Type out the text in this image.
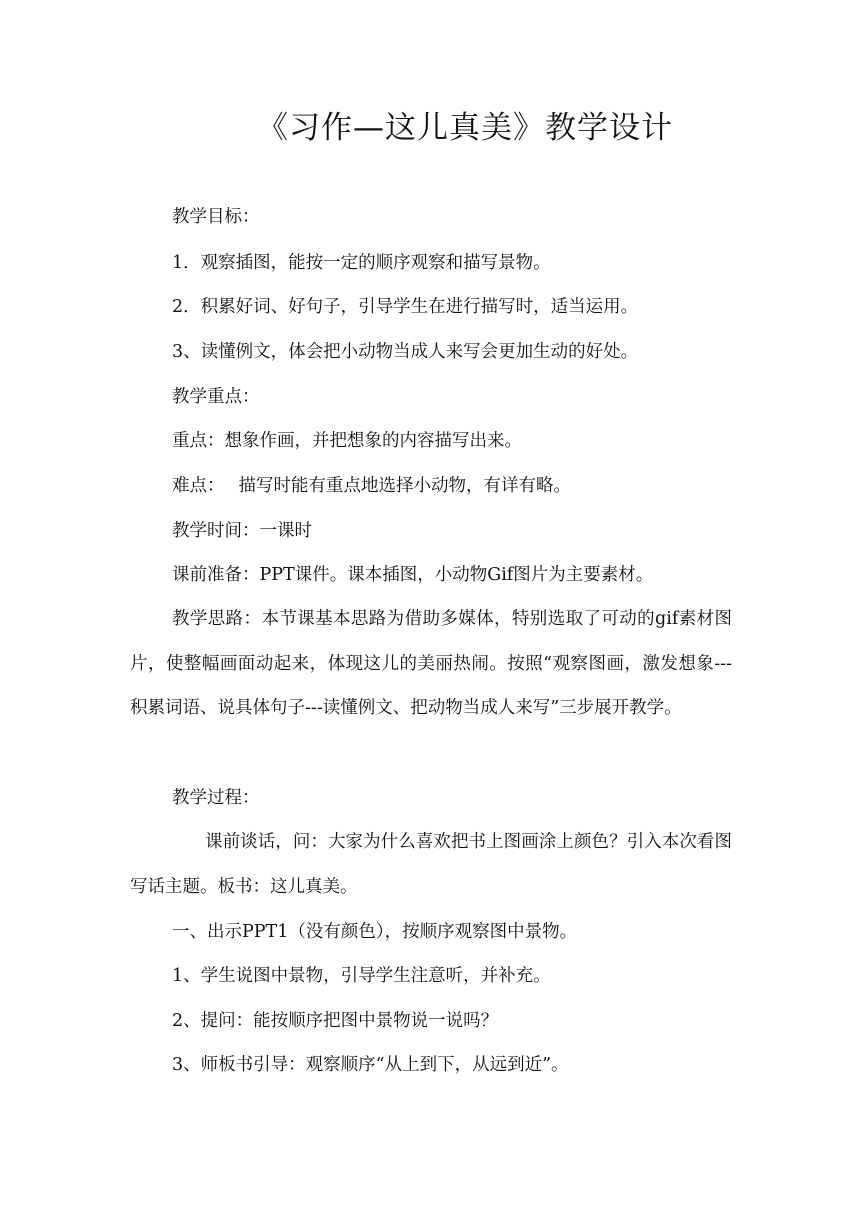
《习作—这儿真美》教学设计

教学目标：

1．观察插图，能按一定的顺序观察和描写景物。

2．积累好词、好句子，引导学生在进行描写时，适当运用。

3、读懂例文，体会把小动物当成人来写会更加生动的好处。

教学重点：

重点：想象作画，并把想象的内容描写出来。

难点： 描写时能有重点地选择小动物，有详有略。

教学时间：一课时

课前准备：PPT课件。课本插图，小动物Gif图片为主要素材。

教学思路：本节课基本思路为借助多媒体，特别选取了可动的gif素材图片，使整幅画面动起来，体现这儿的美丽热闹。按照“观察图画，激发想象---积累词语、说具体句子---读懂例文、把动物当成人来写”三步展开教学。

教学过程：

课前谈话，问：大家为什么喜欢把书上图画涂上颜色？引入本次看图写话主题。板书：这儿真美。

一、出示PPT1（没有颜色），按顺序观察图中景物。

1、学生说图中景物，引导学生注意听，并补充。

2、提问：能按顺序把图中景物说一说吗？

3、师板书引导：观察顺序“从上到下，从远到近”。
